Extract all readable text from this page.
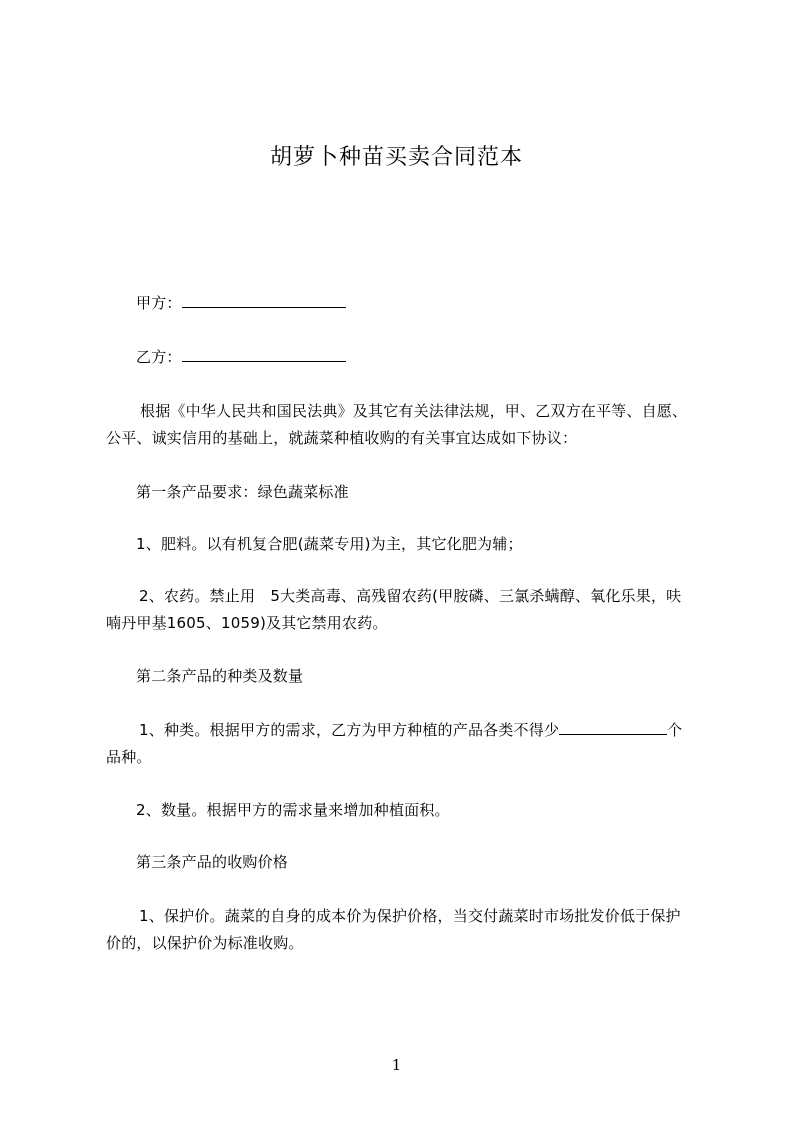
胡萝卜种苗买卖合同范本
甲方：
乙方：
根据《中华人民共和国民法典》及其它有关法律法规，甲、乙双方在平等、自愿、
公平、诚实信用的基础上，就蔬菜种植收购的有关事宜达成如下协议：
第一条产品要求：绿色蔬菜标准
1、肥料。以有机复合肥(蔬菜专用)为主，其它化肥为辅；
2、农药。禁止用　5大类高毒、高残留农药(甲胺磷、三氯杀螨醇、氧化乐果，呋
喃丹甲基1605、1059)及其它禁用农药。
第二条产品的种类及数量
1、种类。根据甲方的需求，乙方为甲方种植的产品各类不得少	个
品种。
2、数量。根据甲方的需求量来增加种植面积。
第三条产品的收购价格
1、保护价。蔬菜的自身的成本价为保护价格，当交付蔬菜时市场批发价低于保护
价的，以保护价为标准收购。
1
